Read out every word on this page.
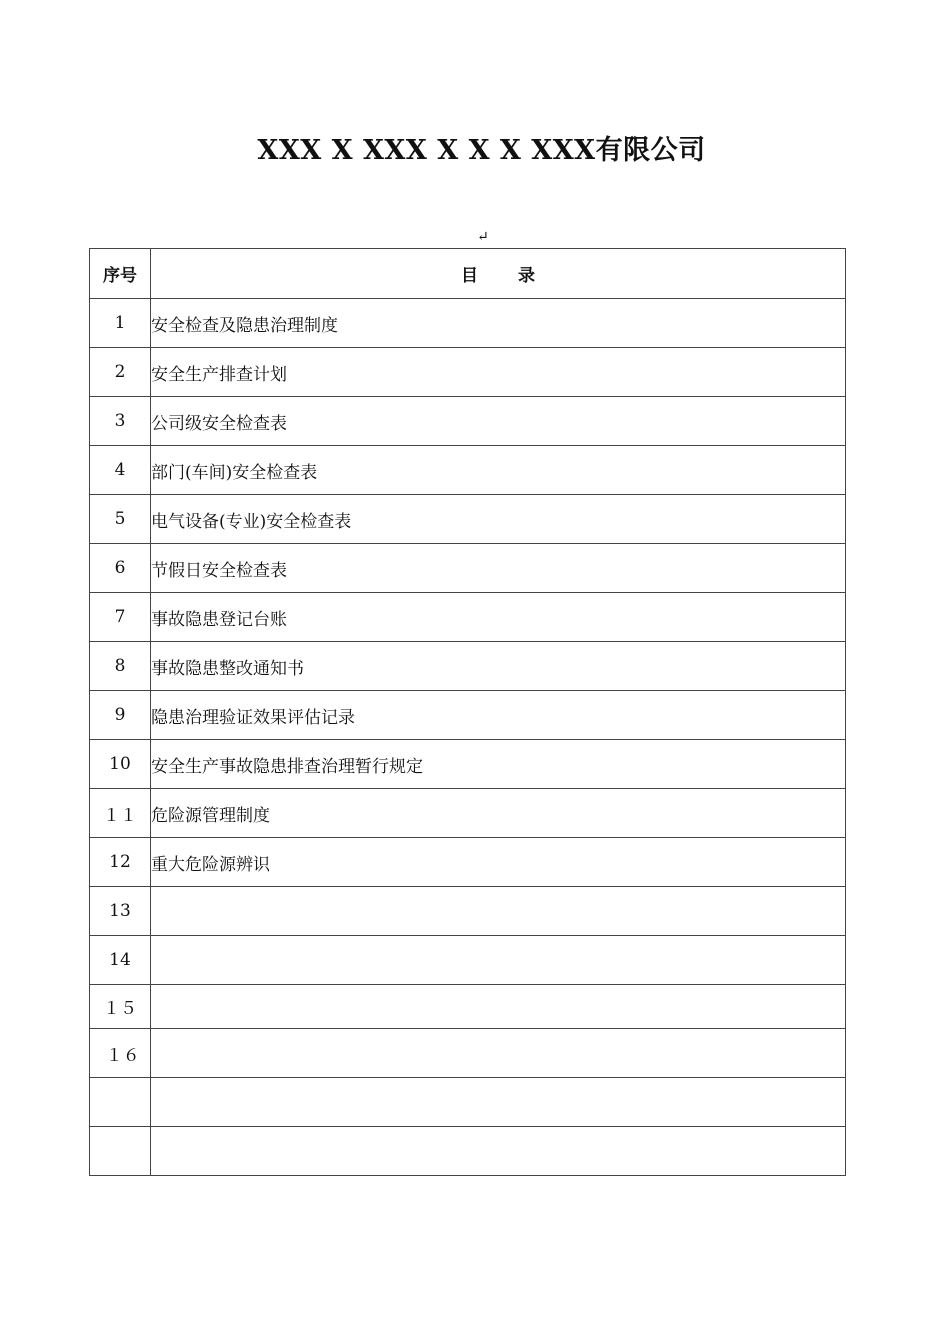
XXX X XXX X X X XXX有限公司
↵
序号	目 录
1	安全检查及隐患治理制度
2	安全生产排查计划
3	公司级安全检查表
4	部门(车间)安全检查表
5	电气设备(专业)安全检查表
6	节假日安全检查表
7	事故隐患登记台账
8	事故隐患整改通知书
9	隐患治理验证效果评估记录
10	安全生产事故隐患排查治理暂行规定
１１	危险源管理制度
12	重大危险源辨识
13	
14	
１５	
１６	
